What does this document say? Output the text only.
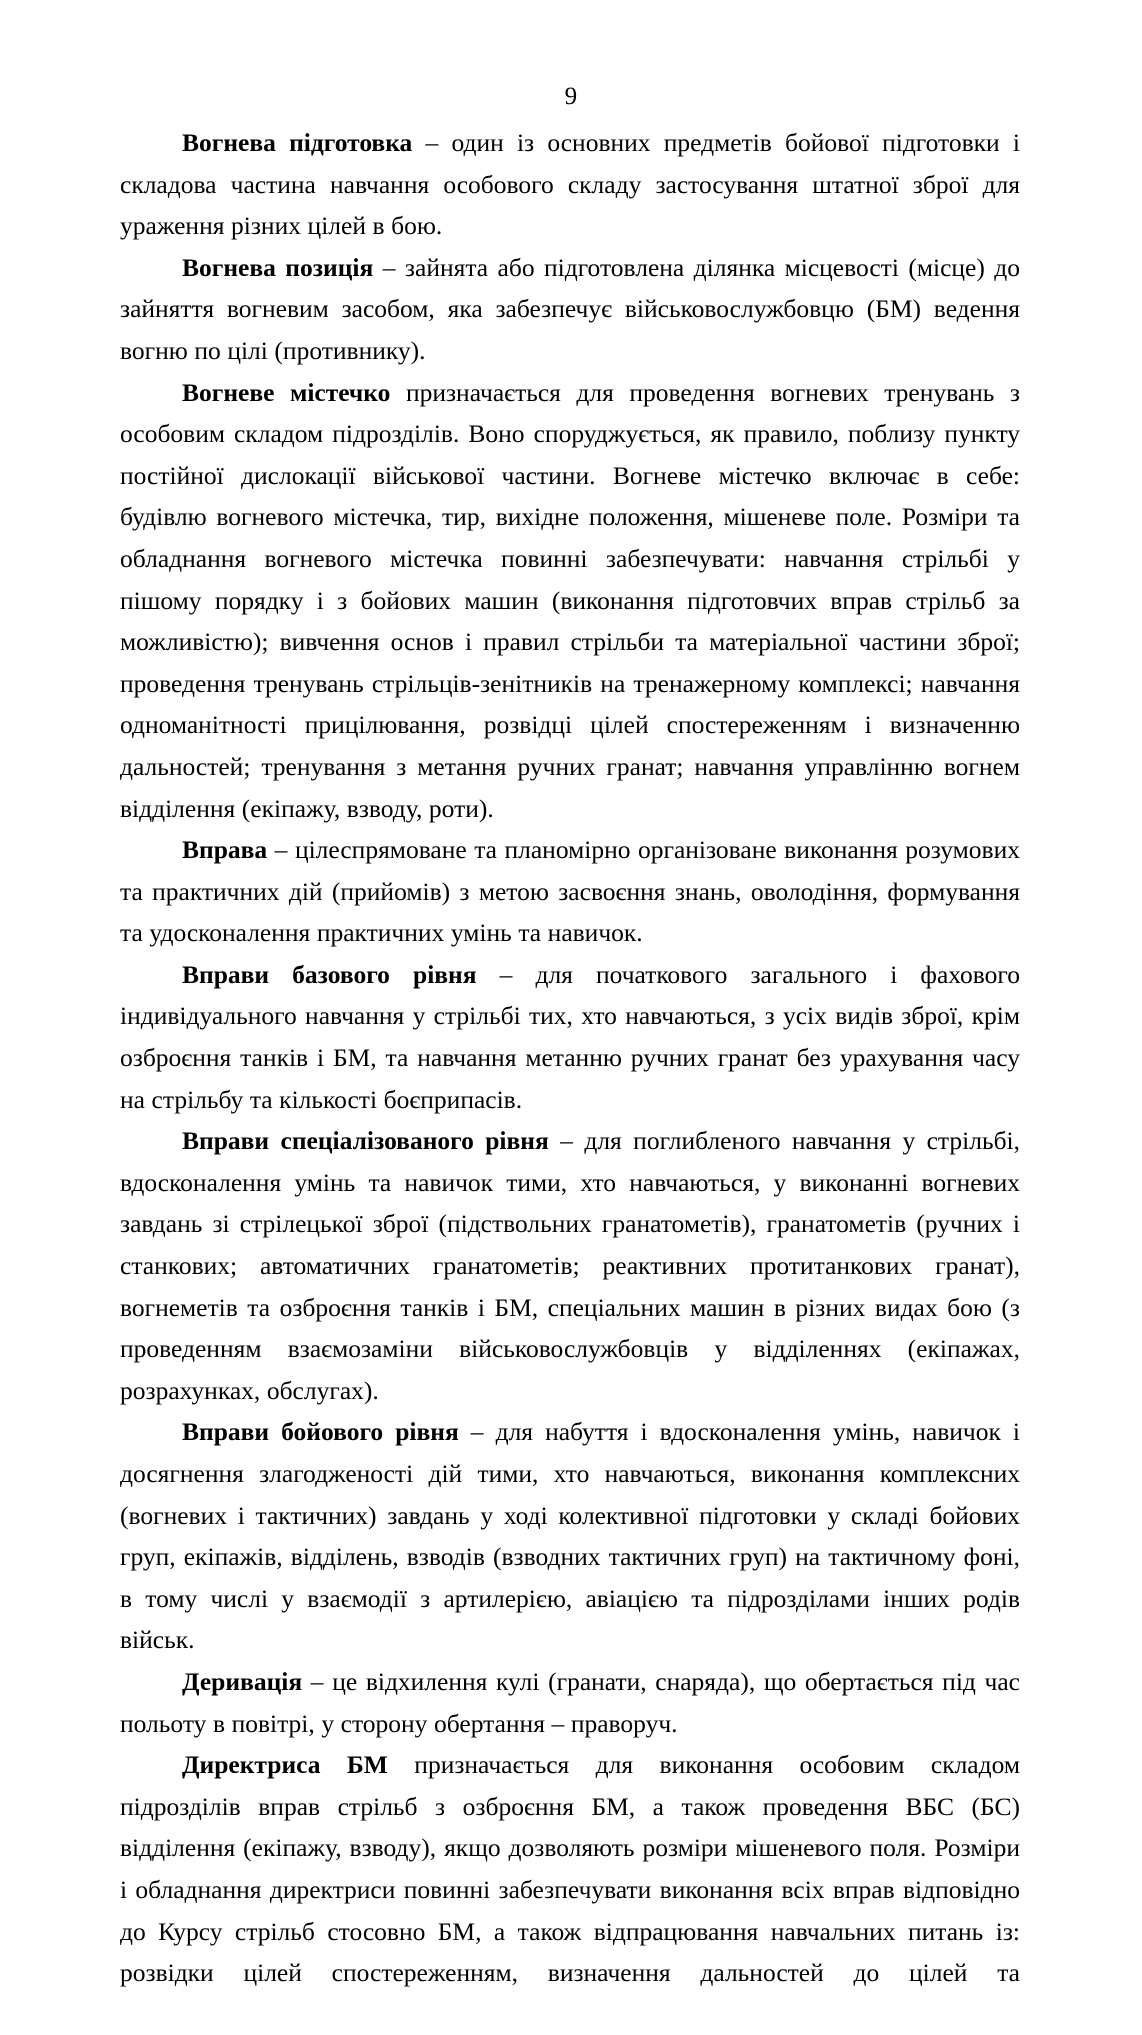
9

Вогнева підготовка – один із основних предметів бойової підготовки і складова частина навчання особового складу застосування штатної зброї для ураження різних цілей в бою.

Вогнева позиція – зайнята або підготовлена ділянка місцевості (місце) до зайняття вогневим засобом, яка забезпечує військовослужбовцю (БМ) ведення вогню по цілі (противнику).

Вогневе містечко призначається для проведення вогневих тренувань з особовим складом підрозділів. Воно споруджується, як правило, поблизу пункту постійної дислокації військової частини. Вогневе містечко включає в себе: будівлю вогневого містечка, тир, вихідне положення, мішеневе поле. Розміри та обладнання вогневого містечка повинні забезпечувати: навчання стрільбі у пішому порядку і з бойових машин (виконання підготовчих вправ стрільб за можливістю); вивчення основ і правил стрільби та матеріальної частини зброї; проведення тренувань стрільців-зенітників на тренажерному комплексі; навчання одноманітності прицілювання, розвідці цілей спостереженням і визначенню дальностей; тренування з метання ручних гранат; навчання управлінню вогнем відділення (екіпажу, взводу, роти).

Вправа – цілеспрямоване та планомірно організоване виконання розумових та практичних дій (прийомів) з метою засвоєння знань, оволодіння, формування та удосконалення практичних умінь та навичок.

Вправи базового рівня – для початкового загального і фахового індивідуального навчання у стрільбі тих, хто навчаються, з усіх видів зброї, крім озброєння танків і БМ, та навчання метанню ручних гранат без урахування часу на стрільбу та кількості боєприпасів.

Вправи спеціалізованого рівня – для поглибленого навчання у стрільбі, вдосконалення умінь та навичок тими, хто навчаються, у виконанні вогневих завдань зі стрілецької зброї (підствольних гранатометів), гранатометів (ручних і станкових; автоматичних гранатометів; реактивних протитанкових гранат), вогнеметів та озброєння танків і БМ, спеціальних машин в різних видах бою (з проведенням взаємозаміни військовослужбовців у відділеннях (екіпажах, розрахунках, обслугах).

Вправи бойового рівня – для набуття і вдосконалення умінь, навичок і досягнення злагодженості дій тими, хто навчаються, виконання комплексних (вогневих і тактичних) завдань у ході колективної підготовки у складі бойових груп, екіпажів, відділень, взводів (взводних тактичних груп) на тактичному фоні, в тому числі у взаємодії з артилерією, авіацією та підрозділами інших родів військ.

Деривація – це відхилення кулі (гранати, снаряда), що обертається під час польоту в повітрі, у сторону обертання – праворуч.

Директриса БМ призначається для виконання особовим складом підрозділів вправ стрільб з озброєння БМ, а також проведення ВБС (БС) відділення (екіпажу, взводу), якщо дозволяють розміри мішеневого поля. Розміри і обладнання директриси повинні забезпечувати виконання всіх вправ відповідно до Курсу стрільб стосовно БМ, а також відпрацювання навчальних питань із: розвідки цілей спостереженням, визначення дальностей до цілей та
